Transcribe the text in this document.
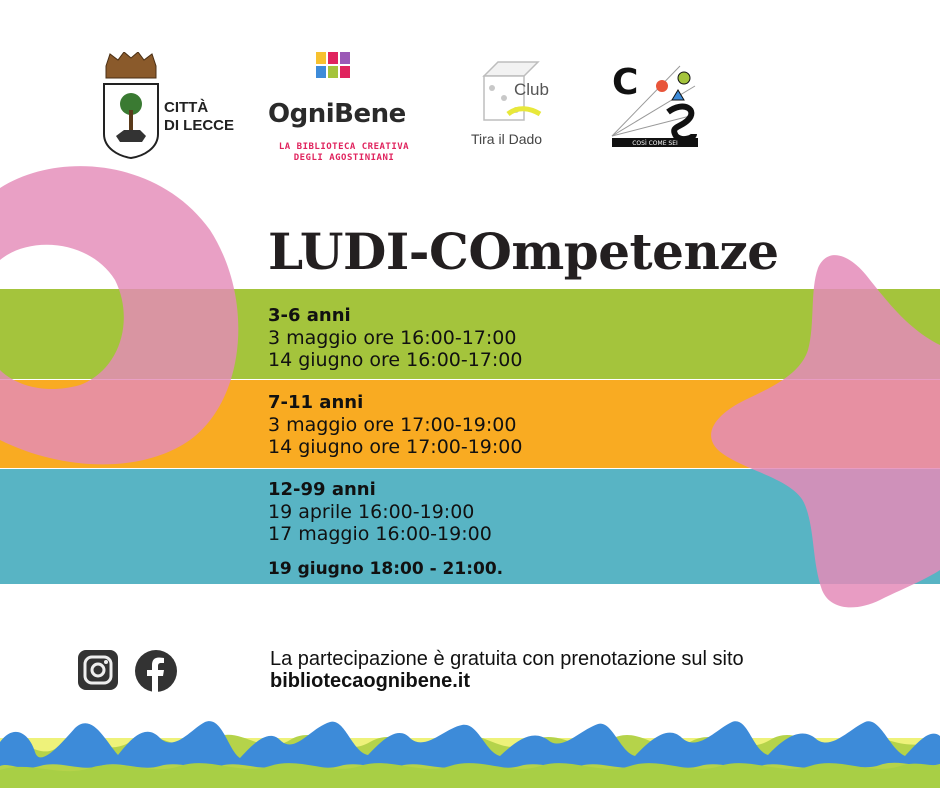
CITTÀ
DI LECCE OgniBene
LA BIBLIOTECA CREATIVA DEGLI AGOSTINIANI
Club
Tira il Dado
C
COSÌ COME SEI
LUDI-COmpetenze
3-6 anni
3 maggio ore 16:00-17:00
14 giugno ore 16:00-17:00
7-11 anni
3 maggio ore 17:00-19:00
14 giugno ore 17:00-19:00
12-99 anni
19 aprile 16:00-19:00
17 maggio 16:00-19:00
19 giugno 18:00 - 21:00.
La partecipazione è gratuita con prenotazione sul sito
bibliotecaognibene.it
